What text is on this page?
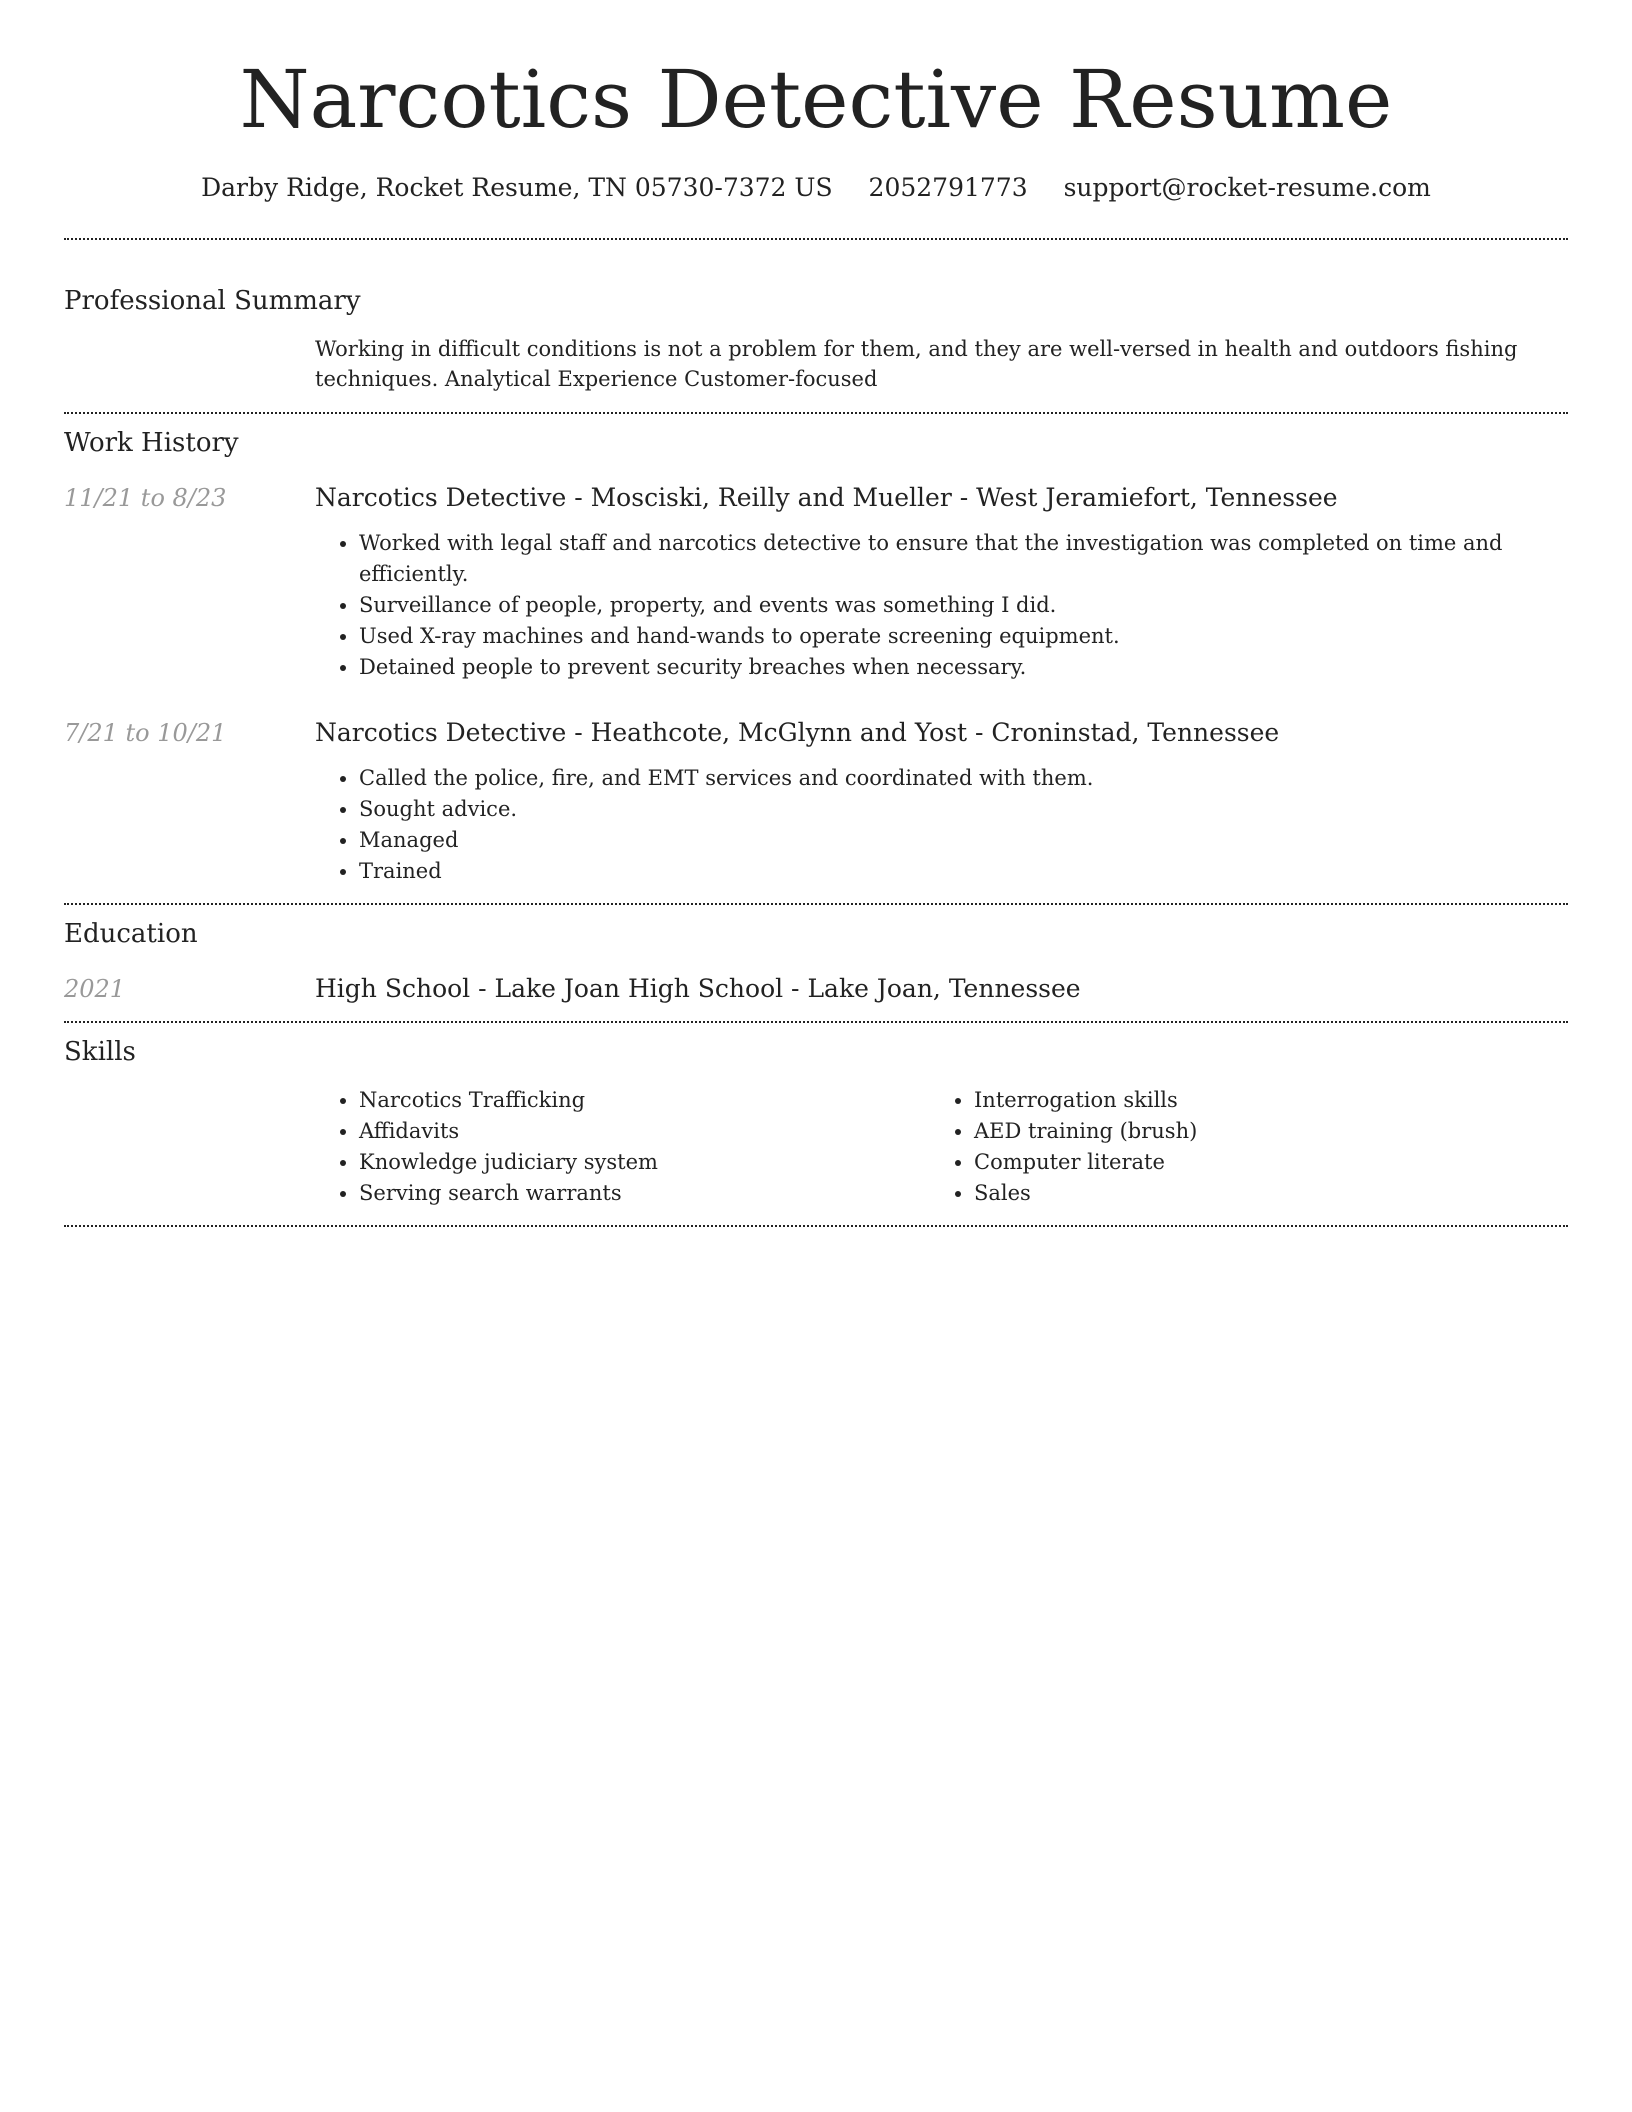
Narcotics Detective Resume
Darby Ridge, Rocket Resume, TN 05730-7372 US 2052791773 support@rocket-resume.com
Professional Summary

Working in difficult conditions is not a problem for them, and they are well-versed in health and outdoors fishing techniques. Analytical Experience Customer-focused

Work History
11/21 to 8/23	Narcotics Detective - Mosciski, Reilly and Mueller - West Jeramiefort, Tennessee
• Worked with legal staff and narcotics detective to ensure that the investigation was completed on time and efficiently.
• Surveillance of people, property, and events was something I did.
• Used X-ray machines and hand-wands to operate screening equipment.
• Detained people to prevent security breaches when necessary.
7/21 to 10/21	Narcotics Detective - Heathcote, McGlynn and Yost - Croninstad, Tennessee
• Called the police, fire, and EMT services and coordinated with them.
• Sought advice.
• Managed
• Trained
Education
2021	High School - Lake Joan High School - Lake Joan, Tennessee
Skills
• Narcotics Trafficking
• Affidavits
• Knowledge judiciary system
• Serving search warrants
• Interrogation skills
• AED training (brush)
• Computer literate
• Sales
